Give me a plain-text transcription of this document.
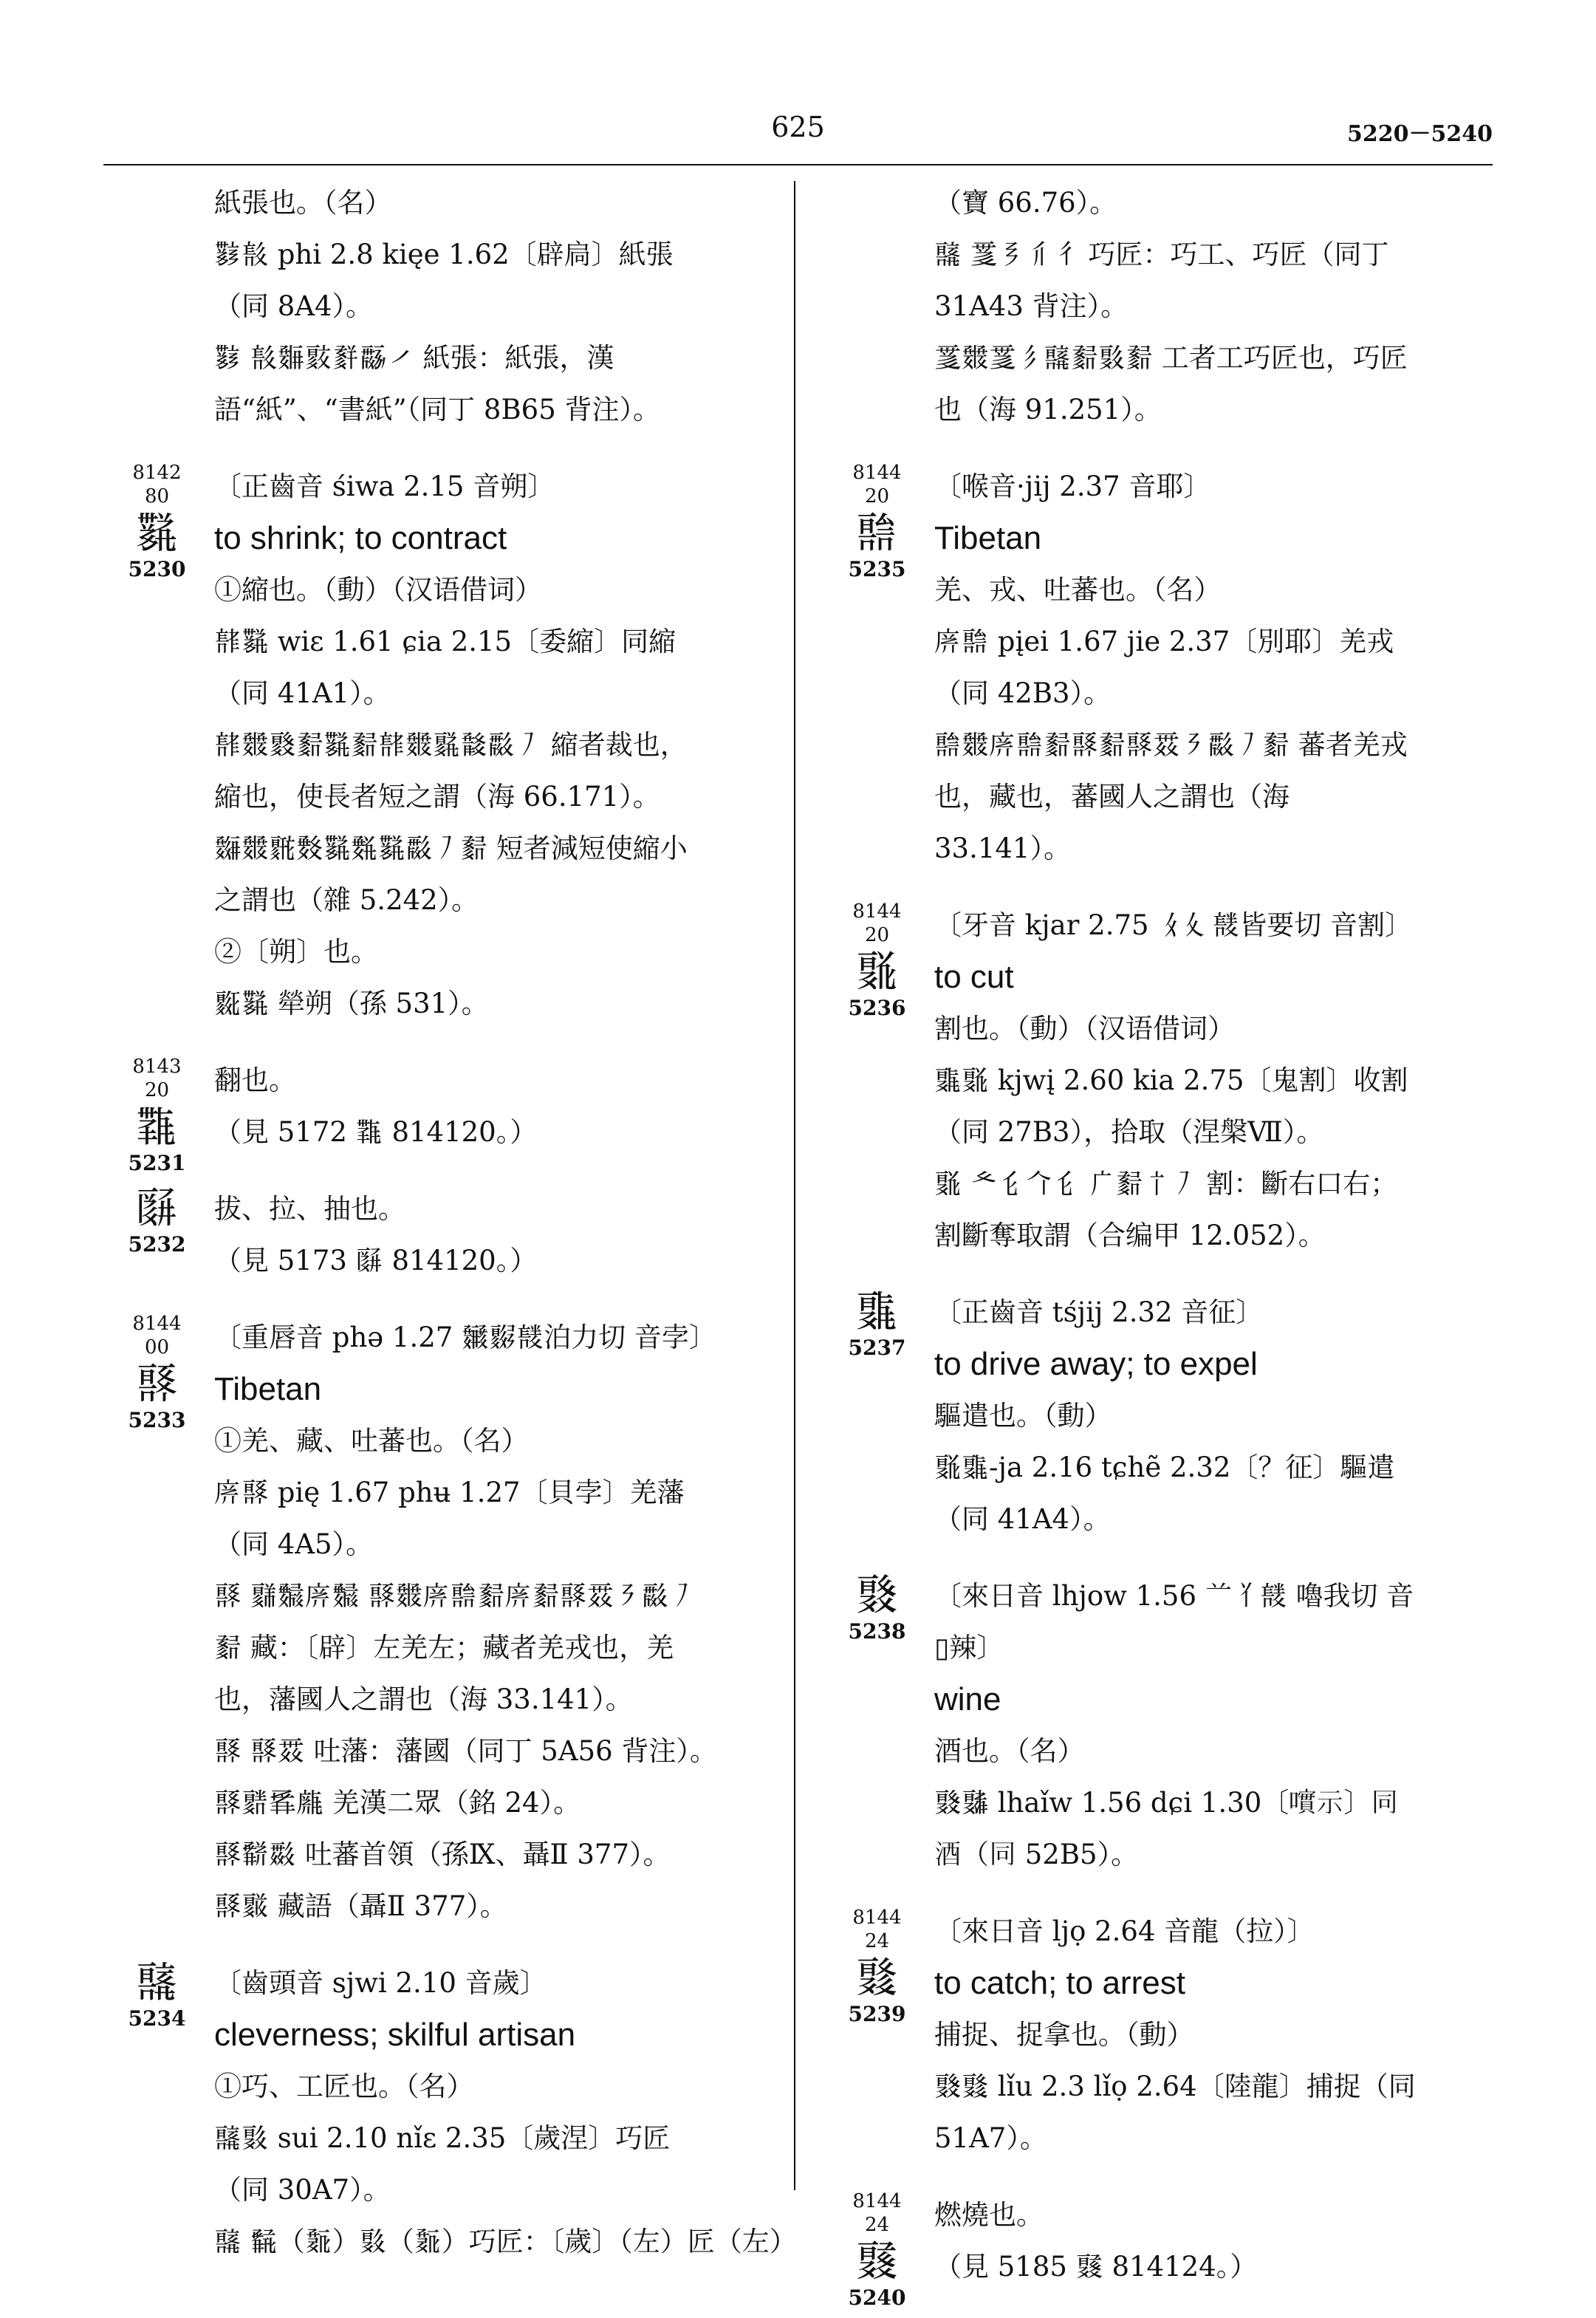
625	5220－5240
紙張也。（名）
𘚑𘛀 phi 2.8 kięe 1.62〔辟扃〕紙張（同 8A4）。
𘚑 𘛀𘜃𘝂𘞀𘟁𘠂 紙張：紙張，漢語“紙”、“書紙”（同丁 8B65 背注）。
8142
80
𘚒
5230
〔正齒音 śiwa 2.15 音朔〕
to shrink; to contract
①縮也。（動）（汉语借词）
𘛁𘚒 wiε 1.61 ɕia 2.15〔委縮〕同縮（同 41A1）。
𘛁𘜄𘝃𘞁𘚒𘞁𘛁𘜄𘝄𘞂𘟂𘠃 縮者裁也，縮也，使長者短之謂（海 66.171）。
𘜅𘜄𘝅𘞃𘚒𘞄𘚒𘟂𘠃𘞁 短者減短使縮小之謂也（雜 5.242）。
②〔朔〕也。
𘝆𘚒 犖朔（孫 531）。
8143
20
𘚓
5231
翻也。
（見 5172 𘚓 814120。）
𘚔
5232
拔、拉、抽也。
（見 5173 𘚔 814120。）
8144
00
𘚕
5233
〔重唇音 phə 1.27 𘜆𘝇𘛂泊力切 音孛〕
Tibetan
①羌、藏、吐蕃也。（名）
𘛃𘚕 pię 1.67 phʉ 1.27〔貝孛〕羌藩（同 4A5）。
𘚕 𘝈𘞅𘛃𘞅 𘚕𘜄𘛃𘚖𘞁𘛃𘞁𘚕𘟃𘠄𘟂𘠃𘞁 藏：〔辟〕左羌左；藏者羌戎也，羌也，藩國人之謂也（海 33.141）。
𘚕 𘚕𘟃 吐藩：藩國（同丁 5A56 背注）。
𘚕𘝉𘞆𘛄 羌漢二眾（銘 24）。
𘚕𘞇𘟄 吐蕃首領（孫Ⅸ、聶Ⅱ 377）。
𘚕𘝊 藏語（聶Ⅱ 377）。
𘚗
5234
〔齒頭音 sjwi 2.10 音歲〕
cleverness; skilful artisan
①巧、工匠也。（名）
𘚗𘚘 sui 2.10 nǐε 2.35〔歲涅〕巧匠（同 30A7）。
𘚗 𘞈（𘞉）𘚘（𘞉）巧匠：〔歲〕（左）匠（左）
（寶 66.76）。
𘚗 𘟅𘠅𘡀𘡁 巧匠：巧工、巧匠（同丁 31A43 背注）。
𘟅𘜄𘟅𘡂𘚗𘞁𘚘𘞁 工者工巧匠也，巧匠也（海 91.251）。
8144
20
𘚖
5235
〔喉音·jij 2.37 音耶〕
Tibetan
羌、戎、吐蕃也。（名）
𘛃𘚖 pįei 1.67 jie 2.37〔別耶〕羌戎（同 42B3）。
𘚖𘜄𘛃𘚖𘞁𘚕𘞁𘚕𘟃𘠄𘟂𘠃𘞁 蕃者羌戎也，藏也，蕃國人之謂也（海 33.141）。
8144
20
𘚙
5236
〔牙音 kjar 2.75 𘡃𘡄𘛂皆要切 音割〕
to cut
割也。（動）（汉语借词）
𘚚𘚙 kjwį 2.60 kia 2.75〔鬼割〕收割（同 27B3），拾取（涅槃Ⅶ）。
𘚙 𘡅𘡆𘡇𘡆 𘡈𘞁𘡉𘠃 割：斷右口右；割斷奪取謂（合编甲 12.052）。
𘚚
5237
〔正齒音 tśjij 2.32 音征〕
to drive away; to expel
驅遣也。（動）
𘚙𘚚-ja 2.16 tɕhẽ 2.32〔？征〕驅遣（同 41A4）。
𘚛
5238
〔來日音 lhjow 1.56 𘡊𘡋𘛂 嚕我切 音▯辣〕
wine
酒也。（名）
𘚛𘚜 lhaǐw 1.56 dɕi 1.30〔𡁃示〕同酒（同 52B5）。
8144
24
𘚝
5239
〔來日音 ljọ 2.64 音龍（拉）〕
to catch; to arrest
捕捉、捉拿也。（動）
𘚛𘚝 lǐu 2.3 lǐọ 2.64〔陸龍〕捕捉（同 51A7）。
8144
24
𘚞
5240
燃燒也。
（見 5185 𘚞 814124。）
